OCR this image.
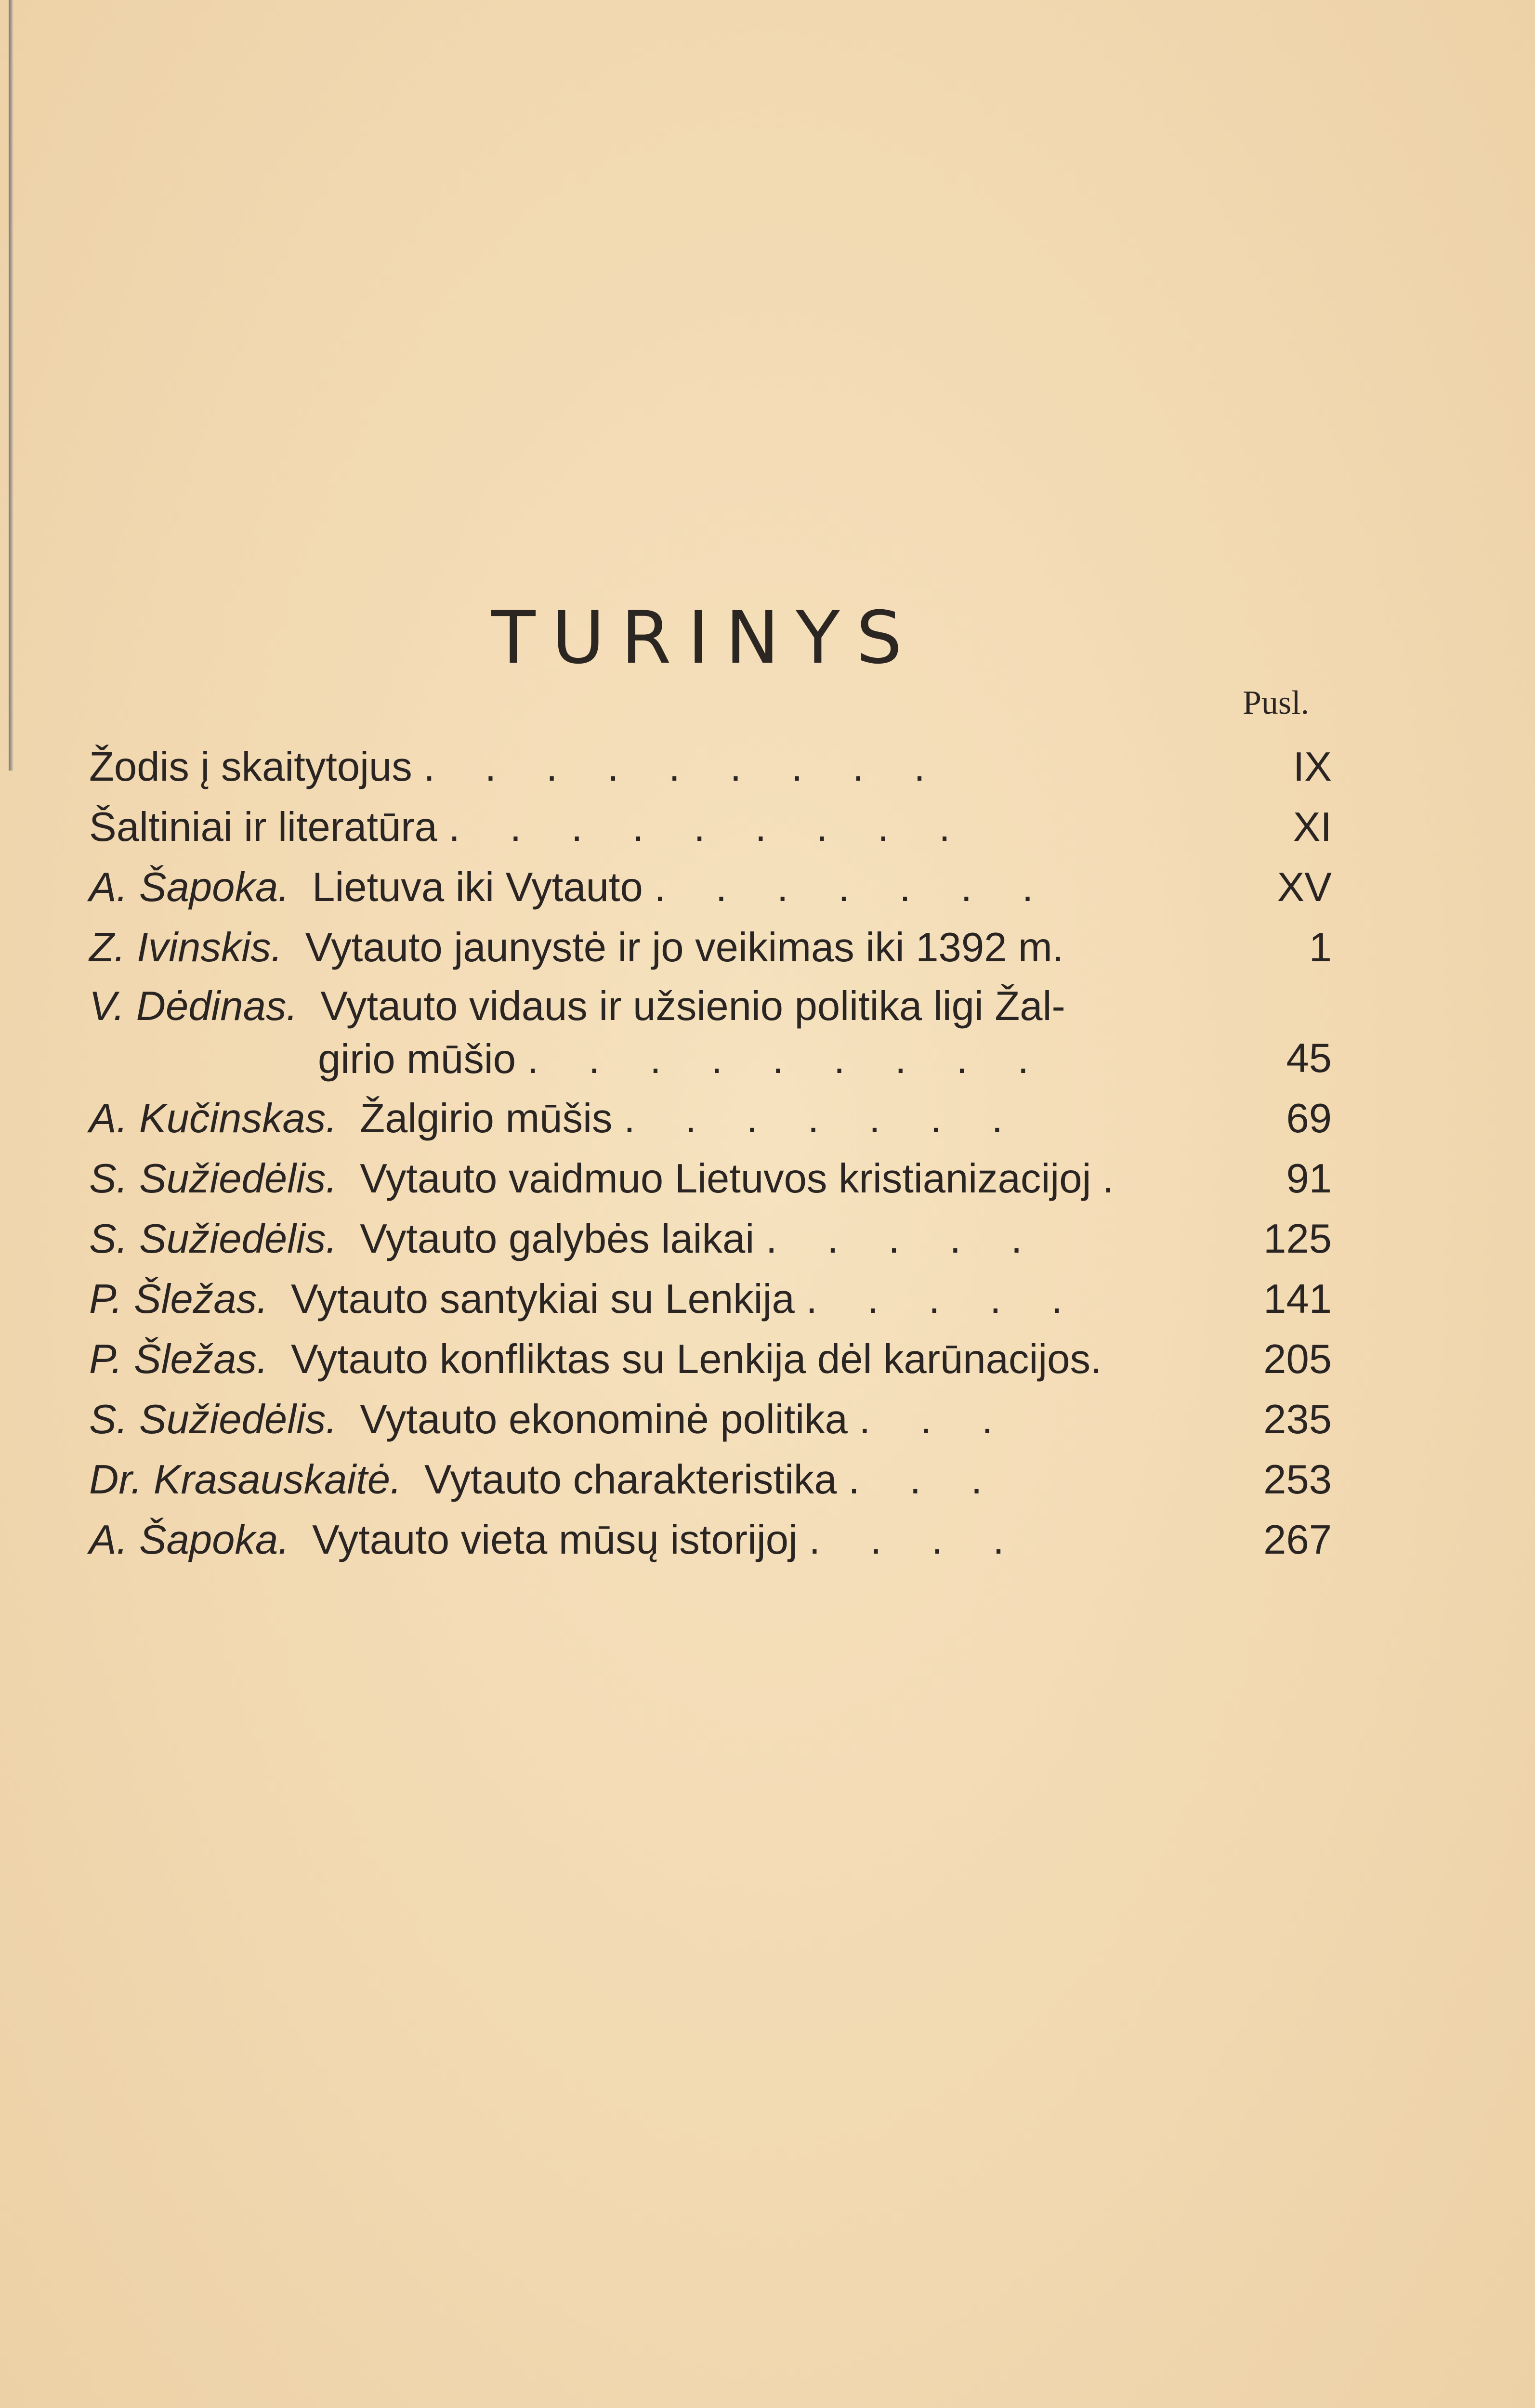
TURINYS
Pusl.
Žodis į skaitytojus . . . . . . . . .	IX
Šaltiniai ir literatūra . . . . . . . . .	XI
A. Šapoka. Lietuva iki Vytauto . . . . . . .	XV
Z. Ivinskis. Vytauto jaunystė ir jo veikimas iki 1392 m.	1
V. Dėdinas. Vytauto vidaus ir užsienio politika ligi Žal-
girio mūšio . . . . . . . . .	45
A. Kučinskas. Žalgirio mūšis . . . . . . .	69
S. Sužiedėlis. Vytauto vaidmuo Lietuvos kristianizacijoj .	91
S. Sužiedėlis. Vytauto galybės laikai . . . . .	125
P. Šležas. Vytauto santykiai su Lenkija . . . . .	141
P. Šležas. Vytauto konfliktas su Lenkija dėl karūnacijos.	205
S. Sužiedėlis. Vytauto ekonominė politika . . .	235
Dr. Krasauskaitė. Vytauto charakteristika . . .	253
A. Šapoka. Vytauto vieta mūsų istorijoj . . . .	267
